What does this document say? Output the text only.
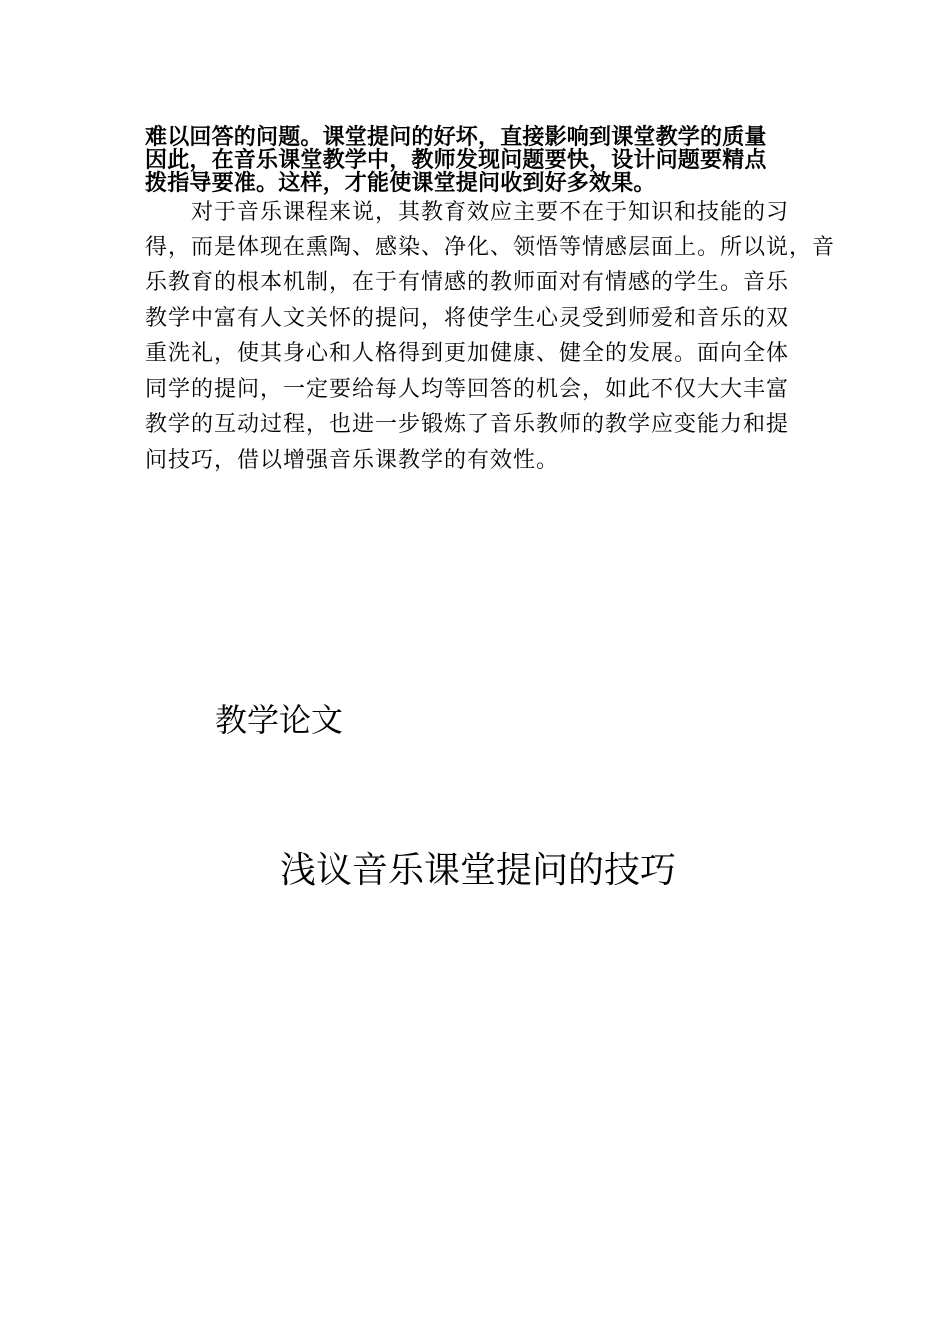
难以回答的问题。课堂提问的好坏，直接影响到课堂教学的质量

因此，在音乐课堂教学中，教师发现问题要快，设计问题要精点

拨指导要准。这样，才能使课堂提问收到好多效果。

　　对于音乐课程来说，其教育效应主要不在于知识和技能的习

得，而是体现在熏陶、感染、净化、领悟等情感层面上。所以说，音

乐教育的根本机制，在于有情感的教师面对有情感的学生。音乐

教学中富有人文关怀的提问，将使学生心灵受到师爱和音乐的双

重洗礼，使其身心和人格得到更加健康、健全的发展。面向全体

同学的提问，一定要给每人均等回答的机会，如此不仅大大丰富

教学的互动过程，也进一步锻炼了音乐教师的教学应变能力和提

问技巧，借以增强音乐课教学的有效性。

教学论文

浅议音乐课堂提问的技巧
